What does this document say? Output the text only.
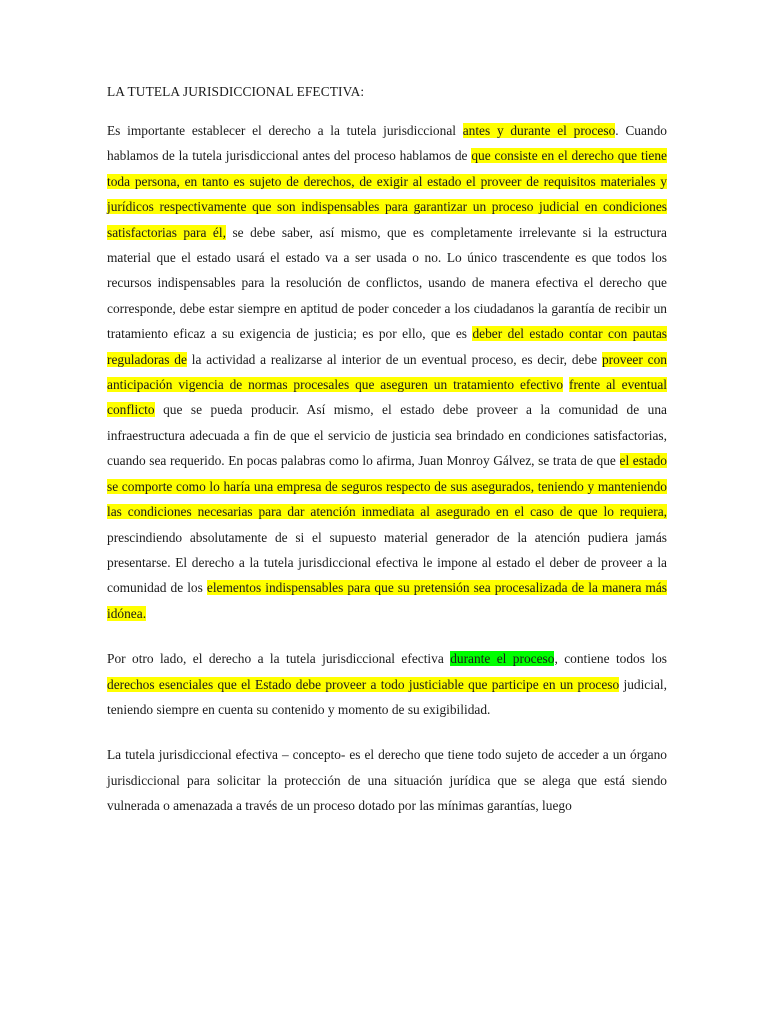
LA TUTELA JURISDICCIONAL EFECTIVA:

Es importante establecer el derecho a la tutela jurisdiccional antes y durante el proceso. Cuando hablamos de la tutela jurisdiccional antes del proceso hablamos de que consiste en el derecho que tiene toda persona, en tanto es sujeto de derechos, de exigir al estado el proveer de requisitos materiales y jurídicos respectivamente que son indispensables para garantizar un proceso judicial en condiciones satisfactorias para él, se debe saber, así mismo, que es completamente irrelevante si la estructura material que el estado usará el estado va a ser usada o no. Lo único trascendente es que todos los recursos indispensables para la resolución de conflictos, usando de manera efectiva el derecho que corresponde, debe estar siempre en aptitud de poder conceder a los ciudadanos la garantía de recibir un tratamiento eficaz a su exigencia de justicia; es por ello, que es deber del estado contar con pautas reguladoras de la actividad a realizarse al interior de un eventual proceso, es decir, debe proveer con anticipación vigencia de normas procesales que aseguren un tratamiento efectivo frente al eventual conflicto que se pueda producir. Así mismo, el estado debe proveer a la comunidad de una infraestructura adecuada a fin de que el servicio de justicia sea brindado en condiciones satisfactorias, cuando sea requerido. En pocas palabras como lo afirma, Juan Monroy Gálvez, se trata de que el estado se comporte como lo haría una empresa de seguros respecto de sus asegurados, teniendo y manteniendo las condiciones necesarias para dar atención inmediata al asegurado en el caso de que lo requiera, prescindiendo absolutamente de si el supuesto material generador de la atención pudiera jamás presentarse. El derecho a la tutela jurisdiccional efectiva le impone al estado el deber de proveer a la comunidad de los elementos indispensables para que su pretensión sea procesalizada de la manera más idónea.

Por otro lado, el derecho a la tutela jurisdiccional efectiva durante el proceso, contiene todos los derechos esenciales que el Estado debe proveer a todo justiciable que participe en un proceso judicial, teniendo siempre en cuenta su contenido y momento de su exigibilidad.

La tutela jurisdiccional efectiva – concepto- es el derecho que tiene todo sujeto de acceder a un órgano jurisdiccional para solicitar la protección de una situación jurídica que se alega que está siendo vulnerada o amenazada a través de un proceso dotado por las mínimas garantías, luego
